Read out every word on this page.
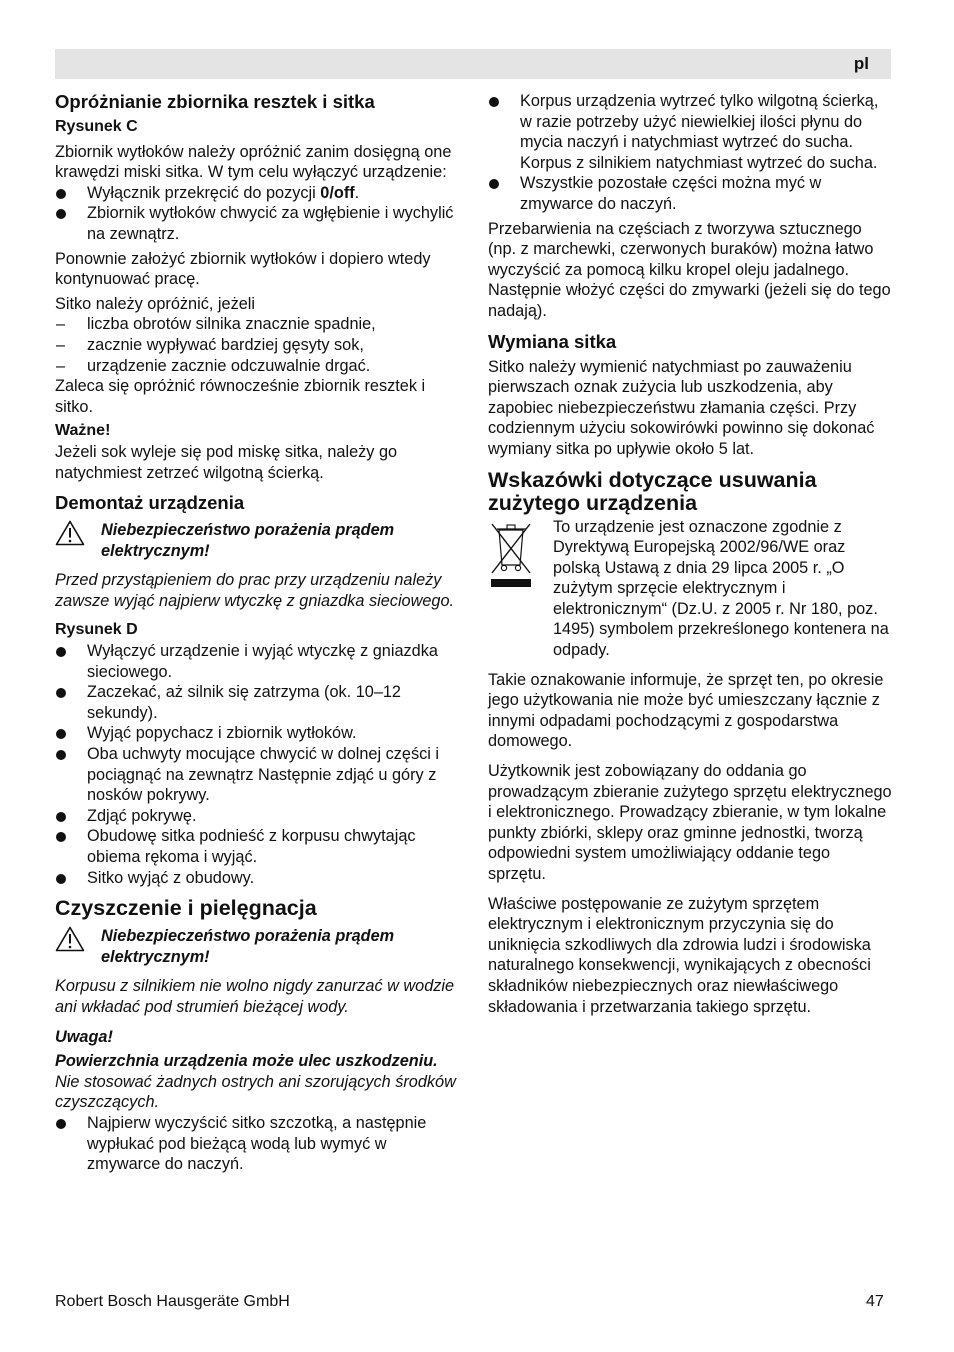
pl

Opróżnianie zbiornika resztek i sitka

Rysunek C

Zbiornik wytłoków należy opróżnić zanim dosięgną one krawędzi miski sitka. W tym celu wyłączyć urządzenie:

Wyłącznik przekręcić do pozycji 0/off.
Zbiornik wytłoków chwycić za wgłębienie i wychylić na zewnątrz.

Ponownie założyć zbiornik wytłoków i dopiero wtedy kontynuować pracę.

Sitko należy opróżnić, jeżeli

– liczba obrotów silnika znacznie spadnie,
– zacznie wypływać bardziej gęsyty sok,
– urządzenie zacznie odczuwalnie drgać.

Zaleca się opróżnić równocześnie zbiornik resztek i sitko.

Ważne!

Jeżeli sok wyleje się pod miskę sitka, należy go natychmiest zetrzeć wilgotną ścierką.

Demontaż urządzenia

Niebezpieczeństwo porażenia prądem elektrycznym!

Przed przystąpieniem do prac przy urządzeniu należy zawsze wyjąć najpierw wtyczkę z gniazdka sieciowego.

Rysunek D

Wyłączyć urządzenie i wyjąć wtyczkę z gniazdka sieciowego.
Zaczekać, aż silnik się zatrzyma (ok. 10–12 sekundy).
Wyjąć popychacz i zbiornik wytłoków.
Oba uchwyty mocujące chwycić w dolnej części i pociągnąć na zewnątrz Następnie zdjąć u góry z nosków pokrywy.
Zdjąć pokrywę.
Obudowę sitka podnieść z korpusu chwytając obiema rękoma i wyjąć.
Sitko wyjąć z obudowy.

Czyszczenie i pielęgnacja

Niebezpieczeństwo porażenia prądem elektrycznym!

Korpusu z silnikiem nie wolno nigdy zanurzać w wodzie ani wkładać pod strumień bieżącej wody.

Uwaga!

Powierzchnia urządzenia może ulec uszkodzeniu.

Nie stosować żadnych ostrych ani szorujących środków czyszczących.

Najpierw wyczyścić sitko szczotką, a następnie wypłukać pod bieżącą wodą lub wymyć w zmywarce do naczyń.
Korpus urządzenia wytrzeć tylko wilgotną ścierką, w razie potrzeby użyć niewielkiej ilości płynu do mycia naczyń i natychmiast wytrzeć do sucha. Korpus z silnikiem natychmiast wytrzeć do sucha.
Wszystkie pozostałe części można myć w zmywarce do naczyń.

Przebarwienia na częściach z tworzywa sztucznego (np. z marchewki, czerwonych buraków) można łatwo wyczyścić za pomocą kilku kropel oleju jadalnego. Następnie włożyć części do zmywarki (jeżeli się do tego nadają).

Wymiana sitka

Sitko należy wymienić natychmiast po zauważeniu pierwszach oznak zużycia lub uszkodzenia, aby zapobiec niebezpieczeństwu złamania części. Przy codziennym użyciu sokowirówki powinno się dokonać wymiany sitka po upływie około 5 lat.

Wskazówki dotyczące usuwania zużytego urządzenia

To urządzenie jest oznaczone zgodnie z Dyrektywą Europejską 2002/96/WE oraz polską Ustawą z dnia 29 lipca 2005 r. „O zużytym sprzęcie elektrycznym i elektronicznym“ (Dz.U. z 2005 r. Nr 180, poz. 1495) symbolem przekreślonego kontenera na odpady.

Takie oznakowanie informuje, że sprzęt ten, po okresie jego użytkowania nie może być umieszczany łącznie z innymi odpadami pochodzącymi z gospodarstwa domowego.

Użytkownik jest zobowiązany do oddania go prowadzącym zbieranie zużytego sprzętu elektrycznego i elektronicznego. Prowadzący zbieranie, w tym lokalne punkty zbiórki, sklepy oraz gminne jednostki, tworzą odpowiedni system umożliwiający oddanie tego sprzętu.

Właściwe postępowanie ze zużytym sprzętem elektrycznym i elektronicznym przyczynia się do uniknięcia szkodliwych dla zdrowia ludzi i środowiska naturalnego konsekwencji, wynikających z obecności składników niebezpiecznych oraz niewłaściwego składowania i przetwarzania takiego sprzętu.

Robert Bosch Hausgeräte GmbH	47
